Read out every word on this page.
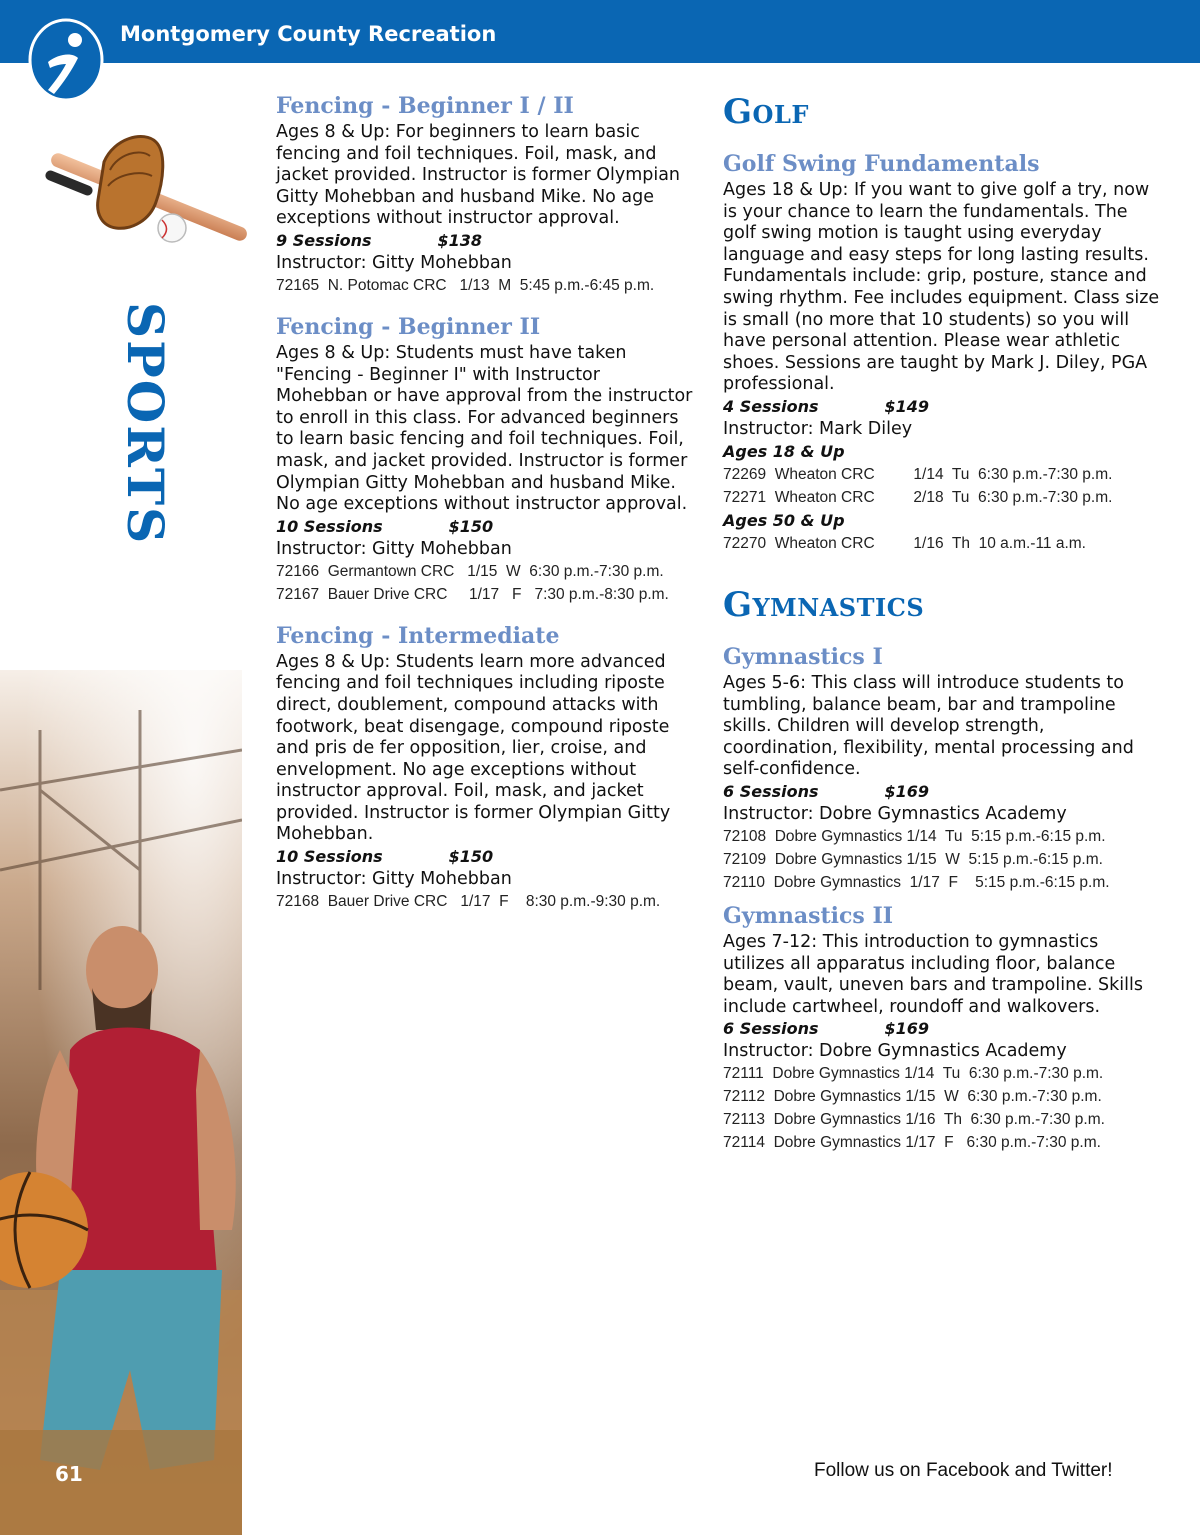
Montgomery County Recreation
SPORTS
61	Follow us on Facebook and Twitter!

Fencing - Beginner I / II

Ages 8 & Up: For beginners to learn basic fencing and foil techniques. Foil, mask, and jacket provided. Instructor is former Olympian Gitty Mohebban and husband Mike. No age exceptions without instructor approval.

9 Sessions	$138

Instructor: Gitty Mohebban

72165  N. Potomac CRC   1/13  M  5:45 p.m.-6:45 p.m.

Fencing - Beginner II

Ages 8 & Up: Students must have taken "Fencing - Beginner I" with Instructor Mohebban or have approval from the instructor to enroll in this class. For advanced beginners to learn basic fencing and foil techniques. Foil, mask, and jacket provided. Instructor is former Olympian Gitty Mohebban and husband Mike. No age exceptions without instructor approval.

10 Sessions	$150

Instructor: Gitty Mohebban

72166  Germantown CRC   1/15  W  6:30 p.m.-7:30 p.m.

72167  Bauer Drive CRC     1/17   F   7:30 p.m.-8:30 p.m.

Fencing - Intermediate

Ages 8 & Up: Students learn more advanced fencing and foil techniques including riposte direct, doublement, compound attacks with footwork, beat disengage, compound riposte and pris de fer opposition, lier, croise, and envelopment. No age exceptions without instructor approval. Foil, mask, and jacket provided. Instructor is former Olympian Gitty Mohebban.

10 Sessions	$150

Instructor: Gitty Mohebban

72168  Bauer Drive CRC   1/17  F    8:30 p.m.-9:30 p.m.

Golf

Golf Swing Fundamentals

Ages 18 & Up: If you want to give golf a try, now is your chance to learn the fundamentals. The golf swing motion is taught using everyday language and easy steps for long lasting results. Fundamentals include: grip, posture, stance and swing rhythm. Fee includes equipment. Class size is small (no more that 10 students) so you will have personal attention. Please wear athletic shoes. Sessions are taught by Mark J. Diley, PGA professional.

4 Sessions	$149

Instructor: Mark Diley

Ages 18 & Up

72269  Wheaton CRC         1/14  Tu  6:30 p.m.-7:30 p.m.

72271  Wheaton CRC         2/18  Tu  6:30 p.m.-7:30 p.m.

Ages 50 & Up

72270  Wheaton CRC         1/16  Th  10 a.m.-11 a.m.

Gymnastics

Gymnastics I

Ages 5-6: This class will introduce students to tumbling, balance beam, bar and trampoline skills. Children will develop strength, coordination, flexibility, mental processing and self-confidence.

6 Sessions	$169

Instructor: Dobre Gymnastics Academy

72108  Dobre Gymnastics 1/14  Tu  5:15 p.m.-6:15 p.m.

72109  Dobre Gymnastics 1/15  W  5:15 p.m.-6:15 p.m.

72110  Dobre Gymnastics  1/17  F    5:15 p.m.-6:15 p.m.

Gymnastics II

Ages 7-12: This introduction to gymnastics utilizes all apparatus including floor, balance beam, vault, uneven bars and trampoline. Skills include cartwheel, roundoff and walkovers.

6 Sessions	$169

Instructor: Dobre Gymnastics Academy

72111  Dobre Gymnastics 1/14  Tu  6:30 p.m.-7:30 p.m.

72112  Dobre Gymnastics 1/15  W  6:30 p.m.-7:30 p.m.

72113  Dobre Gymnastics 1/16  Th  6:30 p.m.-7:30 p.m.

72114  Dobre Gymnastics 1/17  F   6:30 p.m.-7:30 p.m.
